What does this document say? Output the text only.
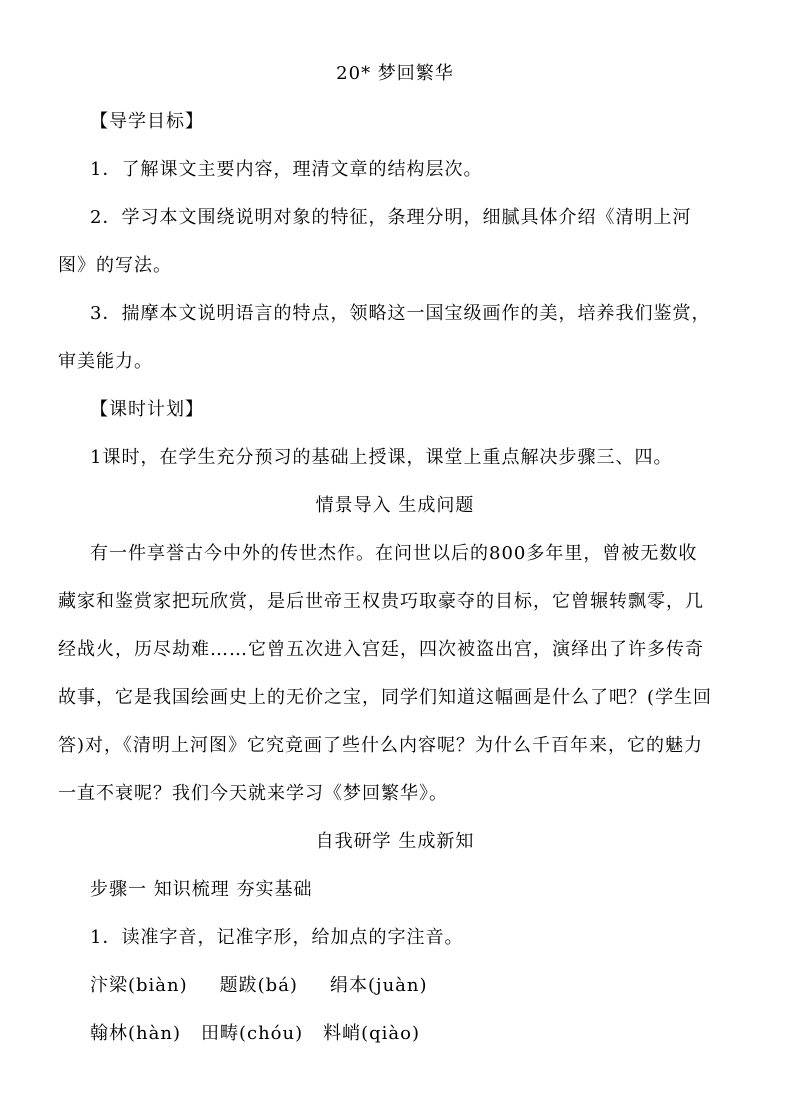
20* 梦回繁华
【导学目标】
1．了解课文主要内容，理清文章的结构层次。
2．学习本文围绕说明对象的特征，条理分明，细腻具体介绍《清明上河
图》的写法。
3．揣摩本文说明语言的特点，领略这一国宝级画作的美，培养我们鉴赏，
审美能力。
【课时计划】
1课时，在学生充分预习的基础上授课，课堂上重点解决步骤三、四。
情景导入 生成问题
有一件享誉古今中外的传世杰作。在问世以后的800多年里，曾被无数收
藏家和鉴赏家把玩欣赏，是后世帝王权贵巧取豪夺的目标，它曾辗转飘零，几
经战火，历尽劫难……它曾五次进入宫廷，四次被盗出宫，演绎出了许多传奇
故事，它是我国绘画史上的无价之宝，同学们知道这幅画是什么了吧？(学生回
答)对，《清明上河图》它究竟画了些什么内容呢？为什么千百年来，它的魅力
一直不衰呢？我们今天就来学习《梦回繁华》。
自我研学 生成新知
步骤一 知识梳理 夯实基础
1．读准字音，记准字形，给加点的字注音。
汴梁(biàn) 题跋(bá) 绢本(juàn)
翰林(hàn) 田畴(chóu) 料峭(qiào)
